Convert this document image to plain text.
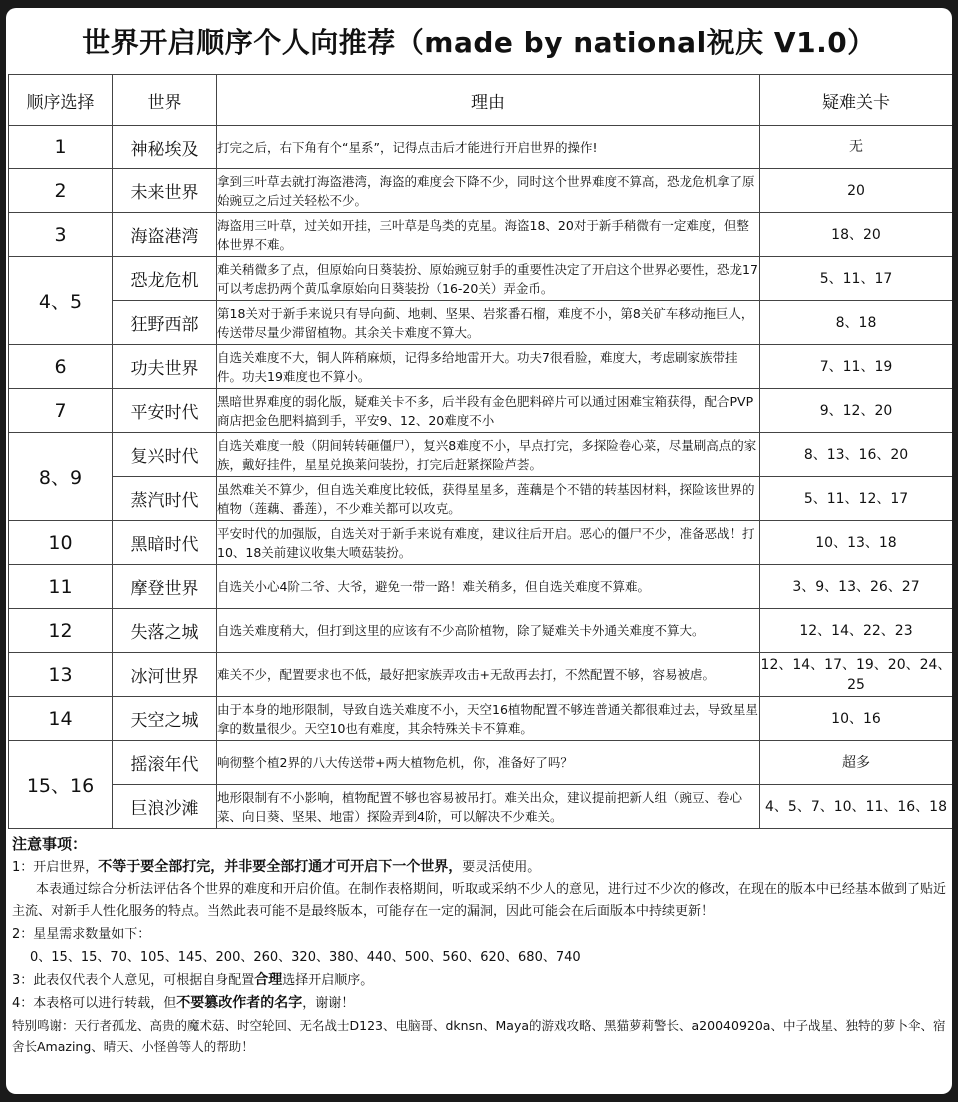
世界开启顺序个人向推荐（made by national祝庆 V1.0）
顺序选择	世界	理由	疑难关卡
1	神秘埃及	打完之后，右下角有个“星系”，记得点击后才能进行开启世界的操作!	无
2	未来世界	拿到三叶草去就打海盗港湾，海盗的难度会下降不少，同时这个世界难度不算高，恐龙危机拿了原始豌豆之后过关轻松不少。	20
3	海盗港湾	海盗用三叶草，过关如开挂，三叶草是鸟类的克星。海盗18、20对于新手稍微有一定难度，但整体世界不难。	18、20
4、5	恐龙危机	难关稍微多了点，但原始向日葵装扮、原始豌豆射手的重要性决定了开启这个世界必要性，恐龙17可以考虑扔两个黄瓜拿原始向日葵装扮（16-20关）弄金币。	5、11、17
	狂野西部	第18关对于新手来说只有导向蓟、地刺、坚果、岩浆番石榴，难度不小，第8关矿车移动拖巨人，传送带尽量少滞留植物。其余关卡难度不算大。	8、18
6	功夫世界	自选关难度不大，铜人阵稍麻烦，记得多给地雷开大。功夫7很看脸，难度大，考虑刷家族带挂件。功夫19难度也不算小。	7、11、19
7	平安时代	黑暗世界难度的弱化版，疑难关卡不多，后半段有金色肥料碎片可以通过困难宝箱获得，配合PVP商店把金色肥料搞到手，平安9、12、20难度不小	9、12、20
8、9	复兴时代	自选关难度一般（阴间转转砸僵尸），复兴8难度不小，早点打完，多探险卷心菜，尽量刷高点的家族，戴好挂件，星星兑换莱问装扮，打完后赶紧探险芦荟。	8、13、16、20
	蒸汽时代	虽然难关不算少，但自选关难度比较低，获得星星多，莲藕是个不错的转基因材料，探险该世界的植物（莲藕、番莲），不少难关都可以攻克。	5、11、12、17
10	黑暗时代	平安时代的加强版，自选关对于新手来说有难度，建议往后开启。恶心的僵尸不少，准备恶战！打10、18关前建议收集大喷菇装扮。	10、13、18
11	摩登世界	自选关小心4阶二爷、大爷，避免一带一路！难关稍多，但自选关难度不算难。	3、9、13、26、27
12	失落之城	自选关难度稍大，但打到这里的应该有不少高阶植物，除了疑难关卡外通关难度不算大。	12、14、22、23
13	冰河世界	难关不少，配置要求也不低，最好把家族弄攻击+无敌再去打，不然配置不够，容易被虐。	12、14、17、19、20、24、25
14	天空之城	由于本身的地形限制，导致自选关难度不小，天空16植物配置不够连普通关都很难过去，导致星星拿的数量很少。天空10也有难度，其余特殊关卡不算难。	10、16
15、16	摇滚年代	响彻整个植2界的八大传送带+两大植物危机，你，准备好了吗？	超多
	巨浪沙滩	地形限制有不小影响，植物配置不够也容易被吊打。难关出众，建议提前把新人组（豌豆、卷心菜、向日葵、坚果、地雷）探险弄到4阶，可以解决不少难关。	4、5、7、10、11、16、18
注意事项：
1：开启世界，不等于要全部打完，并非要全部打通才可开启下一个世界，要灵活使用。
本表通过综合分析法评估各个世界的难度和开启价值。在制作表格期间，听取或采纳不少人的意见，进行过不少次的修改，在现在的版本中已经基本做到了贴近主流、对新手人性化服务的特点。当然此表可能不是最终版本，可能存在一定的漏洞，因此可能会在后面版本中持续更新！
2：星星需求数量如下：
0、15、15、70、105、145、200、260、320、380、440、500、560、620、680、740
3：此表仅代表个人意见，可根据自身配置合理选择开启顺序。
4：本表格可以进行转载，但不要篡改作者的名字，谢谢！
特别鸣谢：天行者孤龙、高贵的魔术菇、时空轮回、无名战士D123、电脑哥、dknsn、Maya的游戏攻略、黑猫萝莉警长、a20040920a、中子战星、独特的萝卜伞、宿舍长Amazing、晴天、小怪兽等人的帮助！
